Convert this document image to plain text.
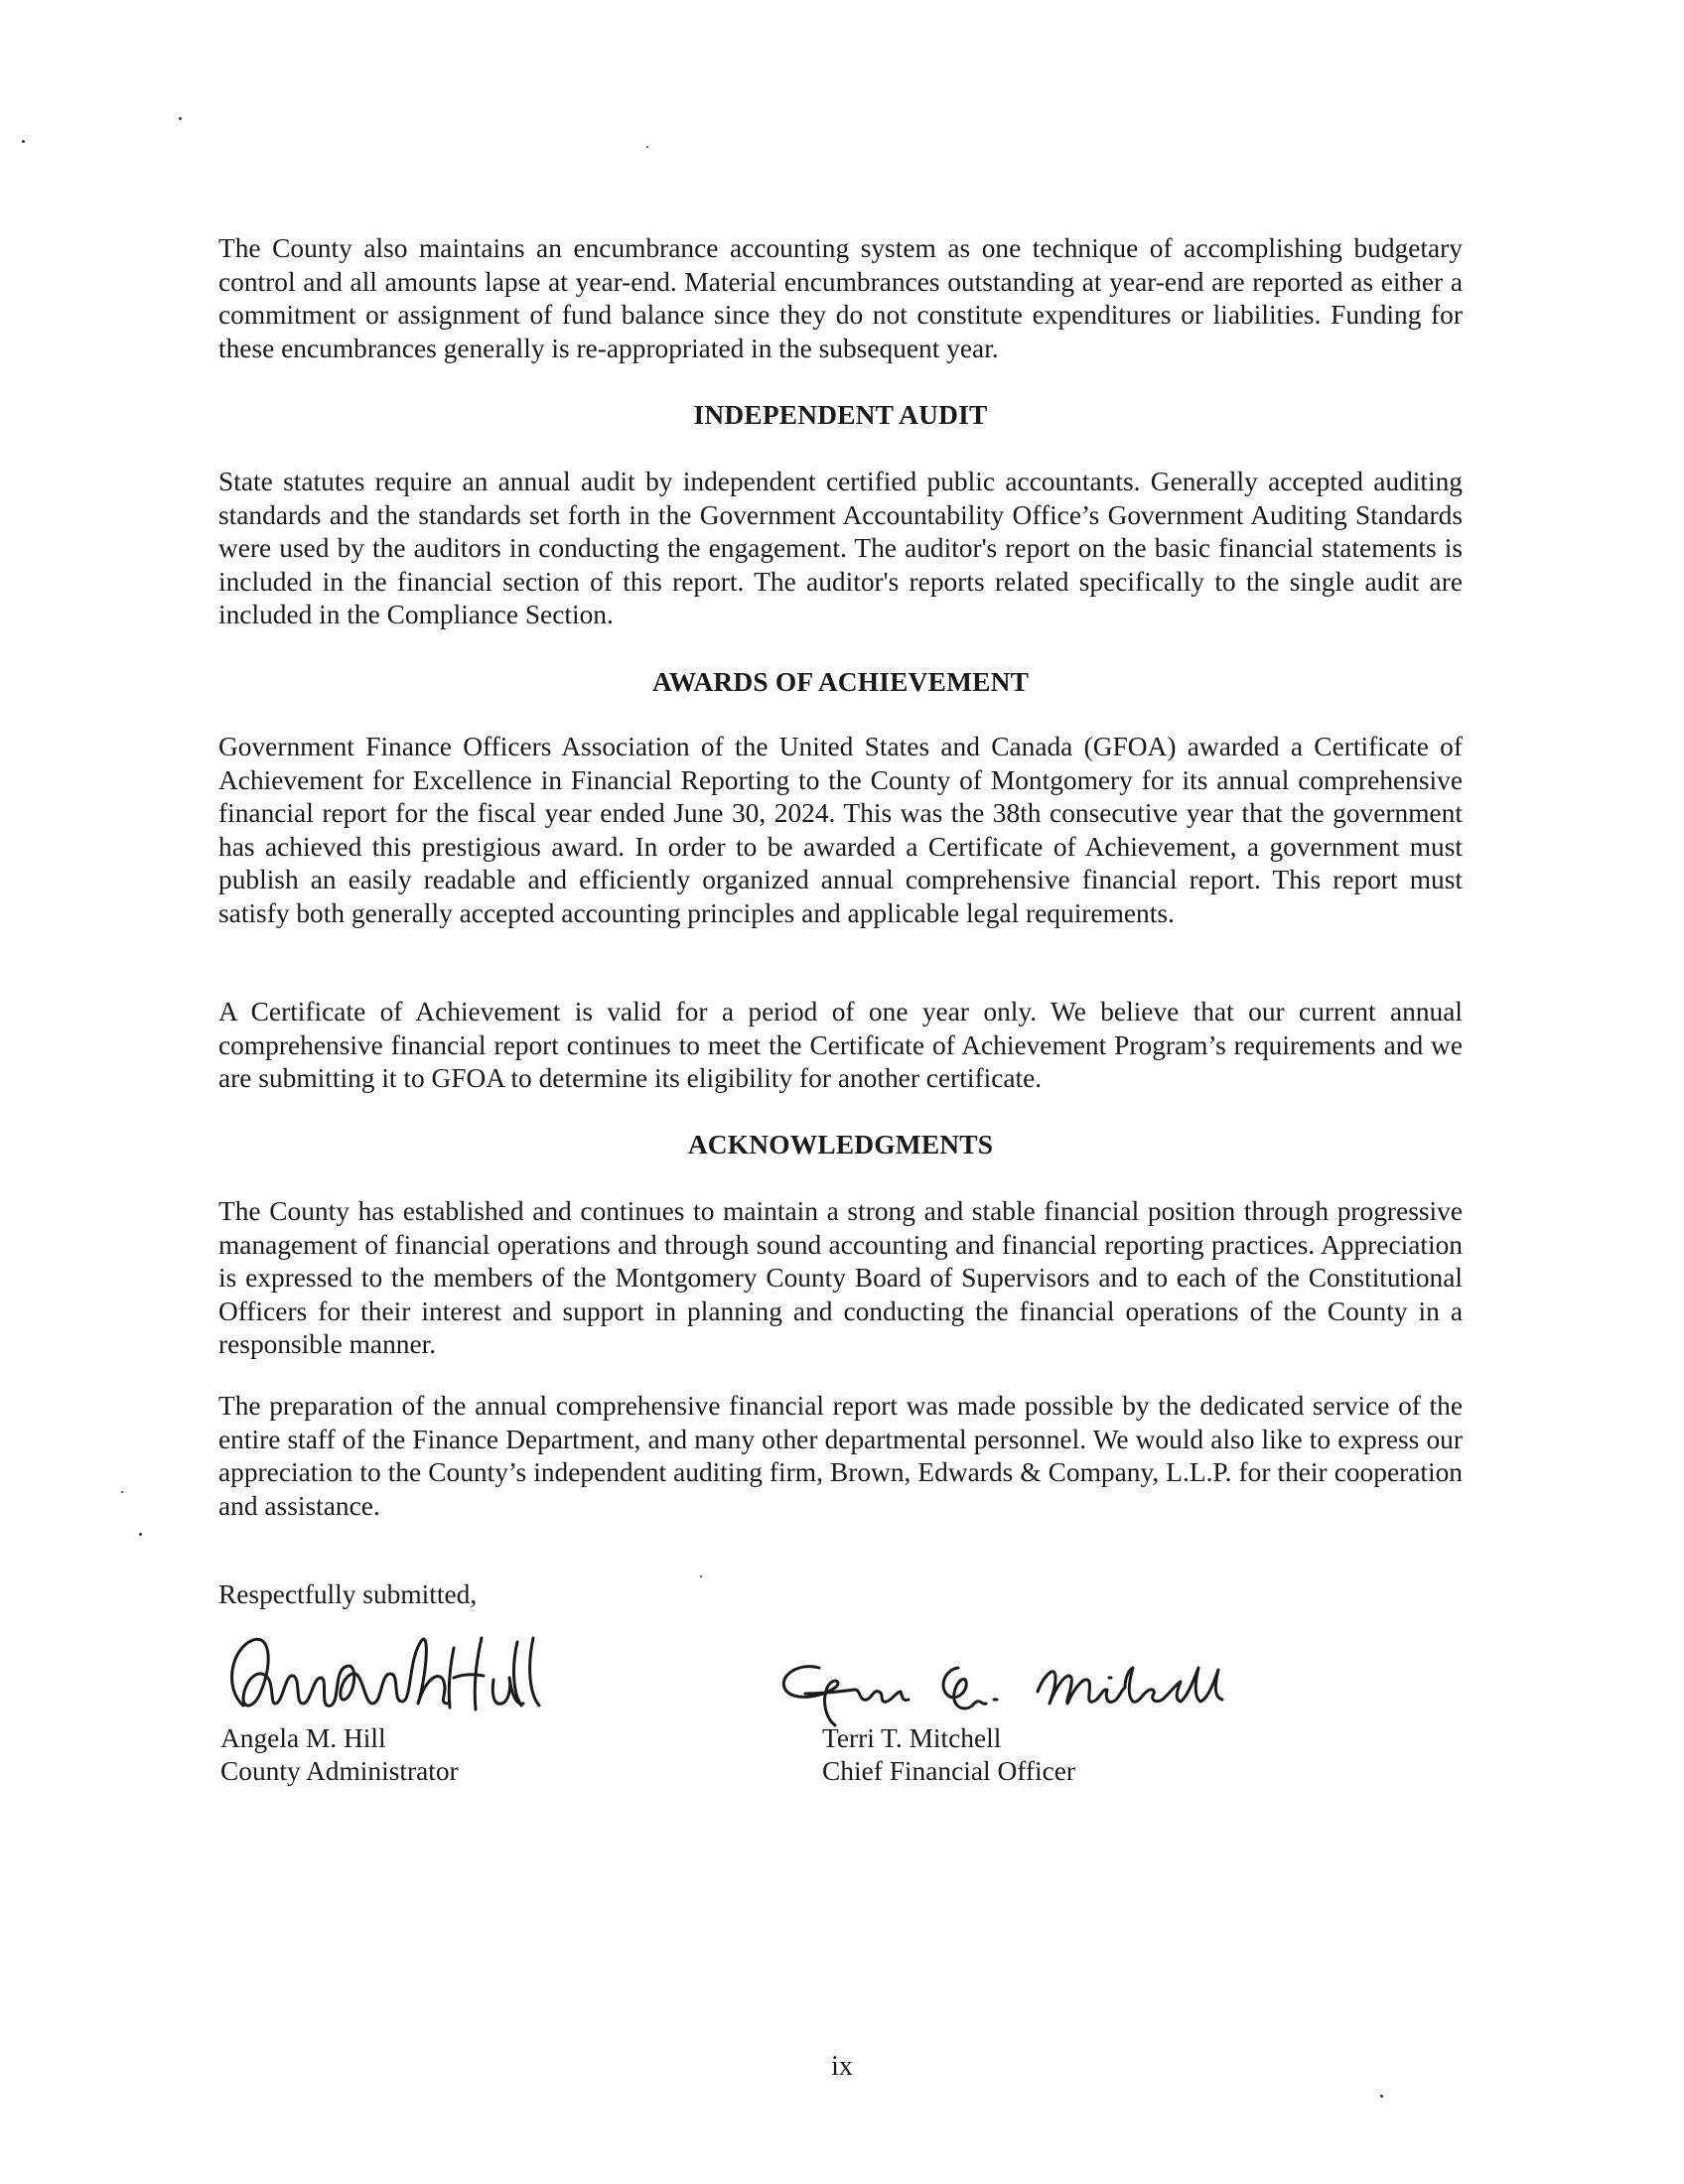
The County also maintains an encumbrance accounting system as one technique of accomplishing budgetary control and all amounts lapse at year-end. Material encumbrances outstanding at year-end are reported as either a commitment or assignment of fund balance since they do not constitute expenditures or liabilities. Funding for these encumbrances generally is re-appropriated in the subsequent year.

INDEPENDENT AUDIT

State statutes require an annual audit by independent certified public accountants. Generally accepted auditing standards and the standards set forth in the Government Accountability Office’s Government Auditing Standards were used by the auditors in conducting the engagement. The auditor's report on the basic financial statements is included in the financial section of this report. The auditor's reports related specifically to the single audit are included in the Compliance Section.

AWARDS OF ACHIEVEMENT

Government Finance Officers Association of the United States and Canada (GFOA) awarded a Certificate of Achievement for Excellence in Financial Reporting to the County of Montgomery for its annual comprehensive financial report for the fiscal year ended June 30, 2024. This was the 38th consecutive year that the government has achieved this prestigious award. In order to be awarded a Certificate of Achievement, a government must publish an easily readable and efficiently organized annual comprehensive financial report. This report must satisfy both generally accepted accounting principles and applicable legal requirements.

A Certificate of Achievement is valid for a period of one year only. We believe that our current annual comprehensive financial report continues to meet the Certificate of Achievement Program’s requirements and we are submitting it to GFOA to determine its eligibility for another certificate.

ACKNOWLEDGMENTS

The County has established and continues to maintain a strong and stable financial position through progressive management of financial operations and through sound accounting and financial reporting practices. Appreciation is expressed to the members of the Montgomery County Board of Supervisors and to each of the Constitutional Officers for their interest and support in planning and conducting the financial operations of the County in a responsible manner.

The preparation of the annual comprehensive financial report was made possible by the dedicated service of the entire staff of the Finance Department, and many other departmental personnel. We would also like to express our appreciation to the County’s independent auditing firm, Brown, Edwards & Company, L.L.P. for their cooperation and assistance.

Respectfully submitted,
Angela M. Hill
County Administrator
Terri T. Mitchell
Chief Financial Officer
ix
